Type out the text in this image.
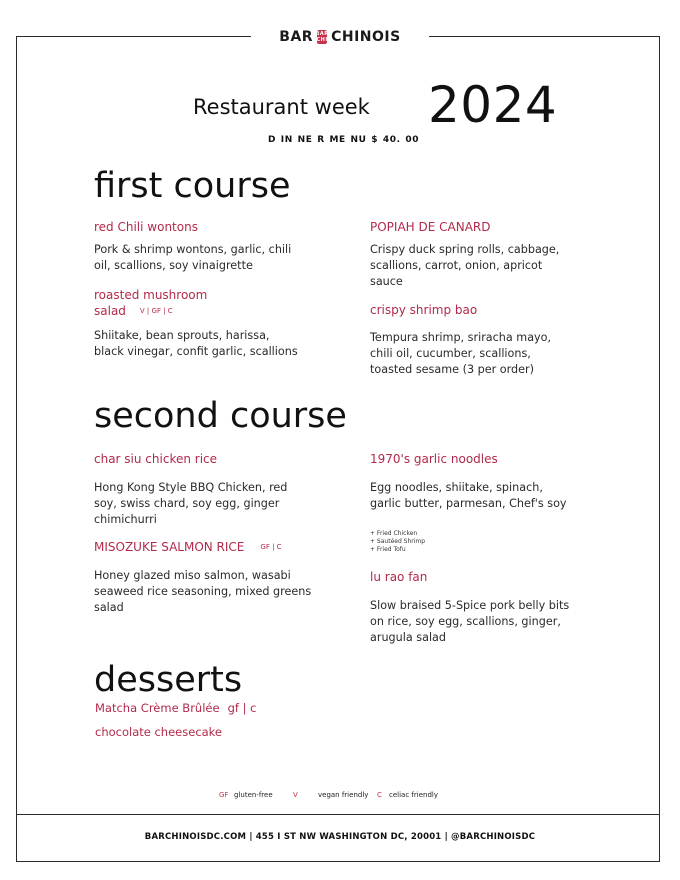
BAR BAR
CHI CHINOIS
Restaurant week 2024
D IN NE R ME NU $ 40. 00
first course
red Chili wontons
Pork & shrimp wontons, garlic, chili oil, scallions, soy vinaigrette
POPIAH DE CANARD
Crispy duck spring rolls, cabbage, scallions, carrot, onion, apricot sauce
roasted mushroom
salad V | GF | C
Shiitake, bean sprouts, harissa, black vinegar, confit garlic, scallions
crispy shrimp bao
Tempura shrimp, sriracha mayo, chili oil, cucumber, scallions, toasted sesame (3 per order)
second course
char siu chicken rice
Hong Kong Style BBQ Chicken, red soy, swiss chard, soy egg, ginger chimichurri
1970's garlic noodles
Egg noodles, shiitake, spinach, garlic butter, parmesan, Chef's soy
+ Fried Chicken
+ Sautéed Shrimp
+ Fried Tofu
MISOZUKE SALMON RICE GF | C
Honey glazed miso salmon, wasabi seaweed rice seasoning, mixed greens salad
lu rao fan
Slow braised 5-Spice pork belly bits on rice, soy egg, scallions, ginger, arugula salad
desserts
Matcha Crème Brûlée gf | c
chocolate cheesecake
GF gluten-free	V	vegan friendly C celiac friendly
BARCHINOISDC.COM | 455 I ST NW WASHINGTON DC, 20001 | @BARCHINOISDC
